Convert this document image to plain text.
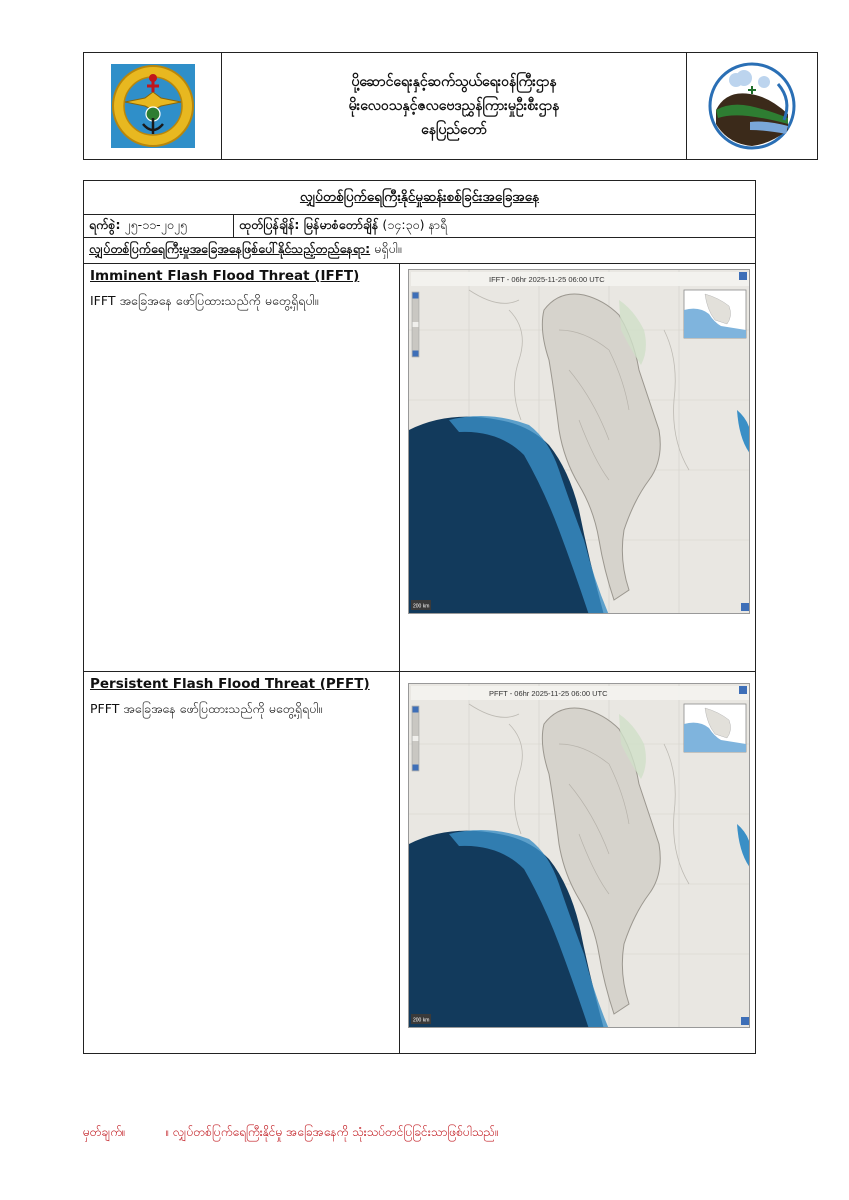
ပို့ဆောင်ရေးနှင့်ဆက်သွယ်ရေးဝန်ကြီးဌာန
မိုးလေဝသနှင့်ဇလဗေဒညွှန်ကြားမှုဦးစီးဌာန
နေပြည်တော်
လျှပ်တစ်ပြက်ရေကြီးနိုင်မှုဆန်းစစ်ခြင်းအခြေအနေ
ရက်စွဲ:
၂၅-၁၁-၂၀၂၅	ထုတ်ပြန်ချိန်: မြန်မာစံတော်ချိန် (၁၄:၃၀) နာရီ
လျှပ်တစ်ပြက်ရေကြီးမှုအခြေအနေဖြစ်ပေါ်နိုင်သည့်တည်နေရာ:
မရှိပါ။
Imminent Flash Flood Threat (IFFT)
IFFT အခြေအနေ ဖော်ပြထားသည်ကို မတွေ့ရှိရပါ။
IFFT - 06hr 2025-11-25 06:00 UTC
200 km
Persistent Flash Flood Threat (PFFT)
PFFT အခြေအနေ ဖော်ပြထားသည်ကို မတွေ့ရှိရပါ။
PFFT - 06hr 2025-11-25 06:00 UTC
200 km
မှတ်ချက်။	။ လျှပ်တစ်ပြက်ရေကြီးနိုင်မှု အခြေအနေကို သုံးသပ်တင်ပြခြင်းသာဖြစ်ပါသည်။
